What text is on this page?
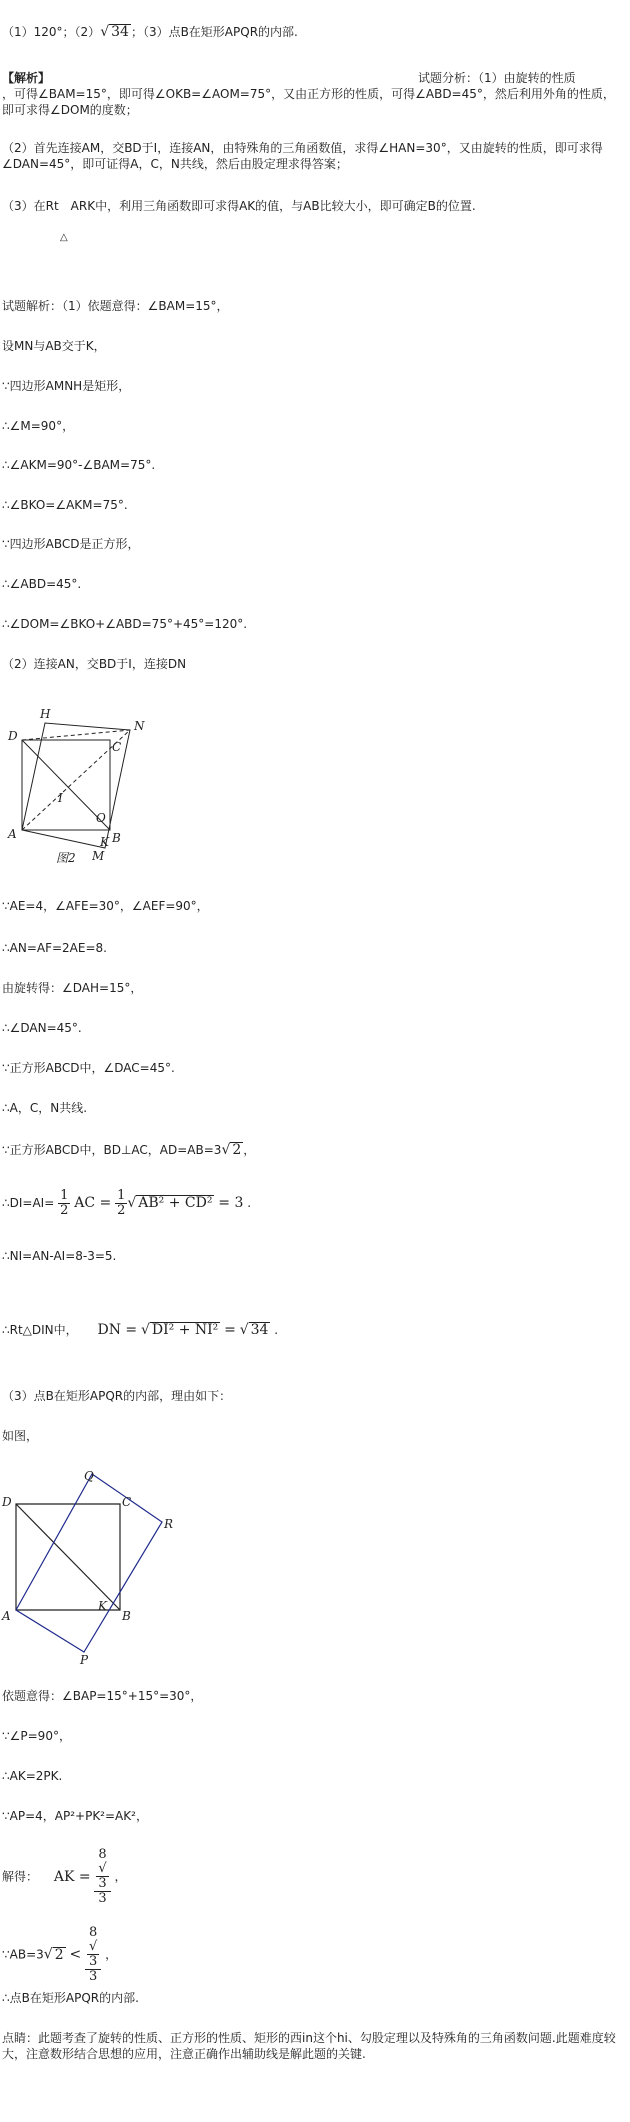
（1）120°；（2）√ 34 ；（3）点B在矩形APQR的内部.
【解析】	试题分析：（1）由旋转的性质
，可得∠BAM=15°，即可得∠OKB=∠AOM=75°，又由正方形的性质，可得∠ABD=45°，然后利用外角的性质，即可求得∠DOM的度数；
（2）首先连接AM，交BD于I，连接AN，由特殊角的三角函数值，求得∠HAN=30°，又由旋转的性质，即可求得∠DAN=45°，即可证得A，C，N共线，然后由股定理求得答案；
（3）在Rt　ARK中，利用三角函数即可求得AK的值，与AB比较大小，即可确定B的位置.
△
试题解析：（1）依题意得：∠BAM=15°，
设MN与AB交于K，
∵四边形AMNH是矩形，
∴∠M=90°，
∴∠AKM=90°-∠BAM=75°.
∴∠BKO=∠AKM=75°.
∵四边形ABCD是正方形，
∴∠ABD=45°.
∴∠DOM=∠BKO+∠ABD=75°+45°=120°.
（2）连接AN，交BD于I，连接DN
H
D
C
N
I
O
A	B
K
M
图2
∵AE=4，∠AFE=30°，∠AEF=90°，
∴AN=AF=2AE=8.
由旋转得：∠DAH=15°，
∴∠DAN=45°.
∵正方形ABCD中，∠DAC=45°.
∴A，C，N共线.
∵正方形ABCD中，BD⊥AC，AD=AB=3√ 2 ，
∴DI=AI= $\frac{1}{2}$ AC = $\frac{1}{2}$ √ AB² + CD² = 3 .
∴NI=AN-AI=8-3=5.
∴Rt△DIN中， DN = √ DI² + NI² = √ 34 .
（3）点B在矩形APQR的内部，理由如下：
如图，
Q
D	C
R
A
K
B
P
依题意得：∠BAP=15°+15°=30°，
∵∠P=90°，
∴AK=2PK.
∵AP=4，AP²+PK²=AK²，
解得： AK = 8
√
3
3 ，
∵AB=3√ 2 < 8
√
3
3 ，
∴点B在矩形APQR的内部.
点睛：此题考查了旋转的性质、正方形的性质、矩形的西in这个hi、勾股定理以及特殊角的三角函数问题.此题难度较大，注意数形结合思想的应用，注意正确作出辅助线是解此题的关键.
